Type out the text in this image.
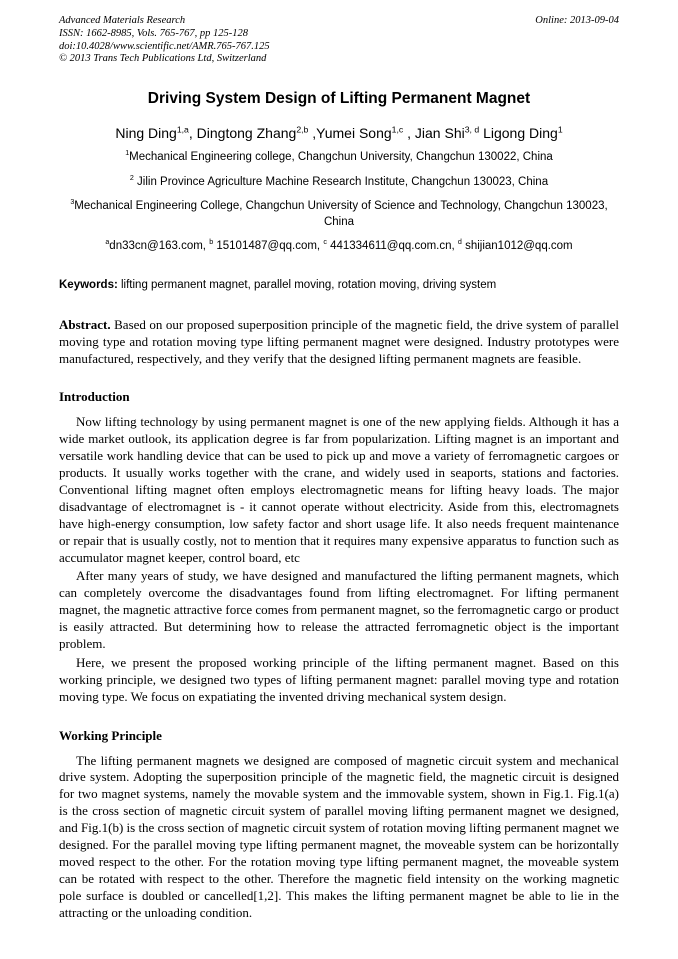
Advanced Materials Research	Online: 2013-09-04
ISSN: 1662-8985, Vols. 765-767, pp 125-128
doi:10.4028/www.scientific.net/AMR.765-767.125
© 2013 Trans Tech Publications Ltd, Switzerland
Driving System Design of Lifting Permanent Magnet

Ning Ding$^{1,a}$, Dingtong Zhang$^{2,b}$ ,Yumei Song$^{1,c}$ , Jian Shi$^{3, d}$ Ligong Ding$^1$

$^1$Mechanical Engineering college, Changchun University, Changchun 130022, China

$^2$ Jilin Province Agriculture Machine Research Institute, Changchun 130023, China

$^3$Mechanical Engineering College, Changchun University of Science and Technology, Changchun 130023, China

$^a$dn33cn@163.com, $^b$ 15101487@qq.com, $^c$ 441334611@qq.com.cn, $^d$ shijian1012@qq.com

Keywords: lifting permanent magnet, parallel moving, rotation moving, driving system

Abstract. Based on our proposed superposition principle of the magnetic field, the drive system of parallel moving type and rotation moving type lifting permanent magnet were designed. Industry prototypes were manufactured, respectively, and they verify that the designed lifting permanent magnets are feasible.

Introduction

Now lifting technology by using permanent magnet is one of the new applying fields. Although it has a wide market outlook, its application degree is far from popularization. Lifting magnet is an important and versatile work handling device that can be used to pick up and move a variety of ferromagnetic cargoes or products. It usually works together with the crane, and widely used in seaports, stations and factories. Conventional lifting magnet often employs electromagnetic means for lifting heavy loads. The major disadvantage of electromagnet is - it cannot operate without electricity. Aside from this, electromagnets have high-energy consumption, low safety factor and short usage life. It also needs frequent maintenance or repair that is usually costly, not to mention that it requires many expensive apparatus to function such as accumulator magnet keeper, control board, etc

After many years of study, we have designed and manufactured the lifting permanent magnets, which can completely overcome the disadvantages found from lifting electromagnet. For lifting permanent magnet, the magnetic attractive force comes from permanent magnet, so the ferromagnetic cargo or product is easily attracted. But determining how to release the attracted ferromagnetic object is the important problem.

Here, we present the proposed working principle of the lifting permanent magnet. Based on this working principle, we designed two types of lifting permanent magnet: parallel moving type and rotation moving type. We focus on expatiating the invented driving mechanical system design.

Working Principle

The lifting permanent magnets we designed are composed of magnetic circuit system and mechanical drive system. Adopting the superposition principle of the magnetic field, the magnetic circuit is designed for two magnet systems, namely the movable system and the immovable system, shown in Fig.1. Fig.1(a) is the cross section of magnetic circuit system of parallel moving lifting permanent magnet we designed, and Fig.1(b) is the cross section of magnetic circuit system of rotation moving lifting permanent magnet we designed. For the parallel moving type lifting permanent magnet, the moveable system can be horizontally moved respect to the other. For the rotation moving type lifting permanent magnet, the moveable system can be rotated with respect to the other. Therefore the magnetic field intensity on the working magnetic pole surface is doubled or cancelled[1,2]. This makes the lifting permanent magnet be able to lie in the attracting or the unloading condition.
